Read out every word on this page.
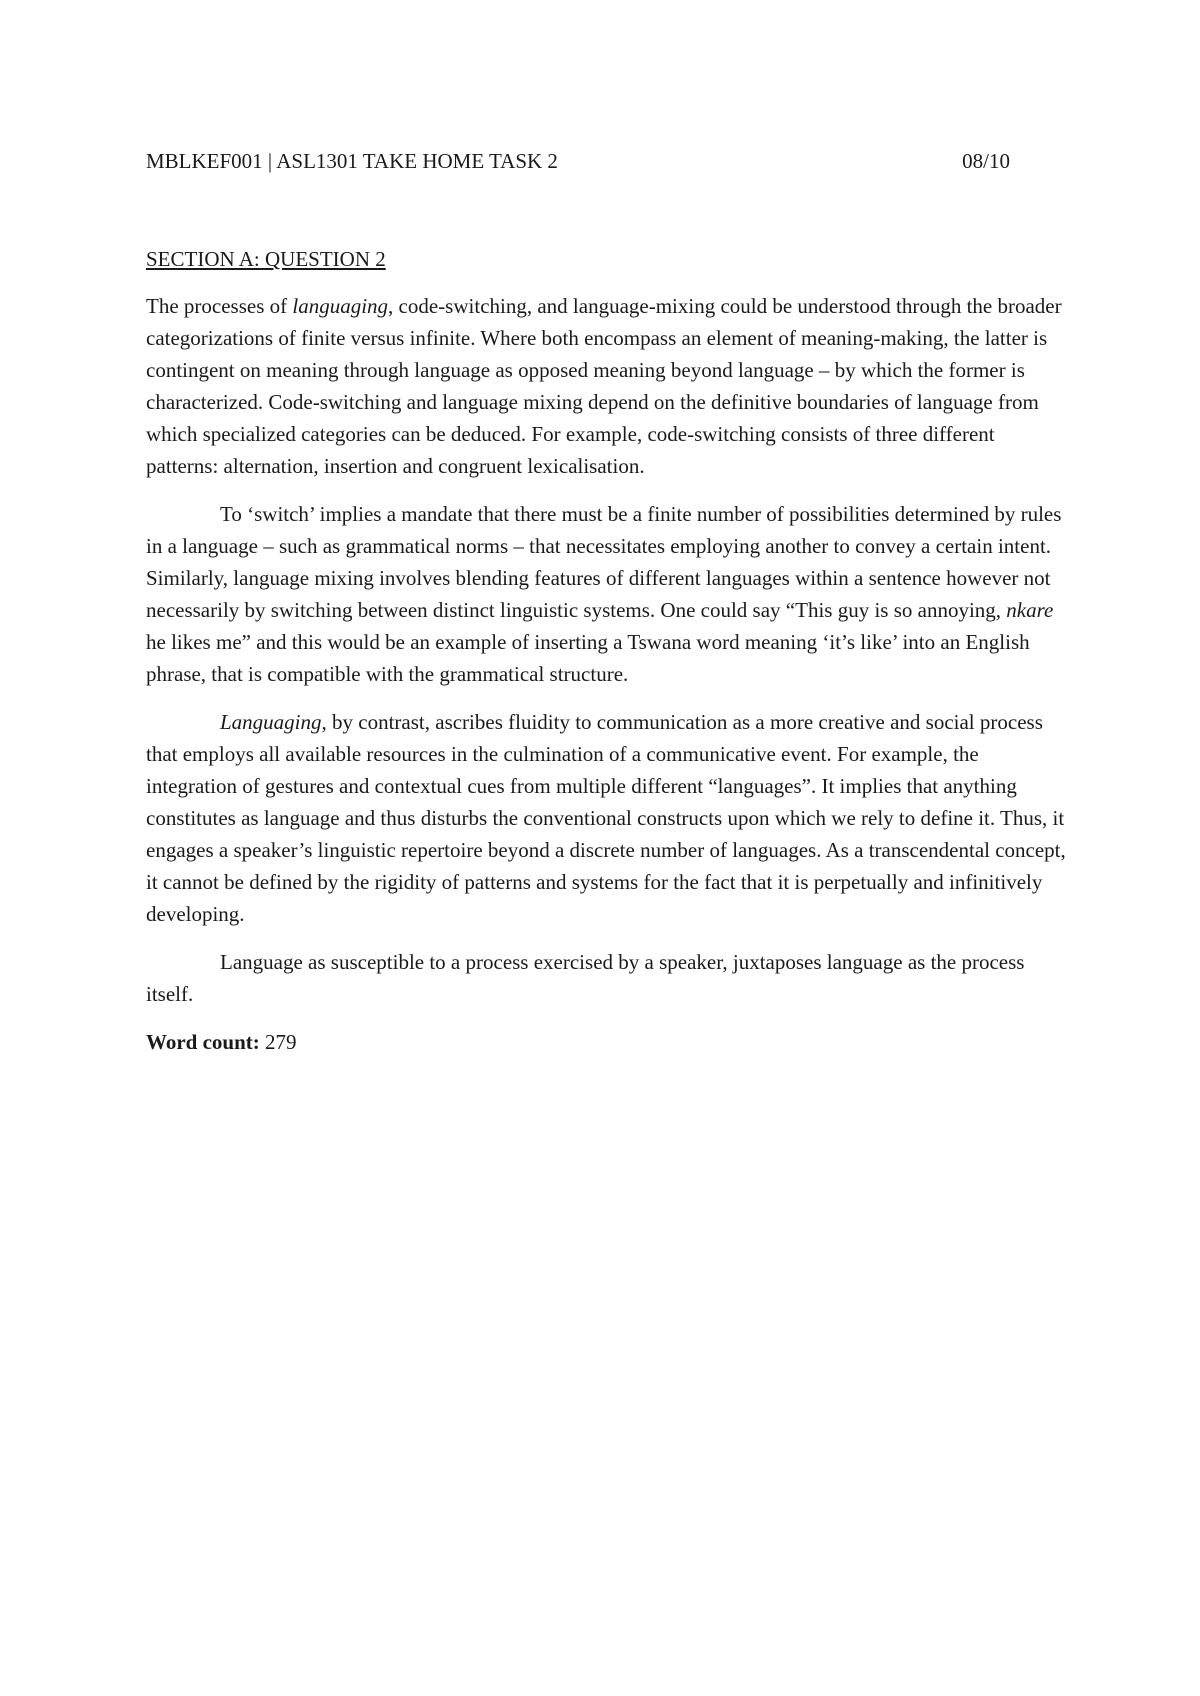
MBLKEF001 | ASL1301 TAKE HOME TASK 2	08/10
SECTION A: QUESTION 2

The processes of languaging, code-switching, and language-mixing could be understood through the broader categorizations of finite versus infinite. Where both encompass an element of meaning-making, the latter is contingent on meaning through language as opposed meaning beyond language – by which the former is characterized. Code-switching and language mixing depend on the definitive boundaries of language from which specialized categories can be deduced. For example, code-switching consists of three different patterns: alternation, insertion and congruent lexicalisation.

To ‘switch’ implies a mandate that there must be a finite number of possibilities determined by rules in a language – such as grammatical norms – that necessitates employing another to convey a certain intent. Similarly, language mixing involves blending features of different languages within a sentence however not necessarily by switching between distinct linguistic systems. One could say “This guy is so annoying, nkare he likes me” and this would be an example of inserting a Tswana word meaning ‘it’s like’ into an English phrase, that is compatible with the grammatical structure.

Languaging, by contrast, ascribes fluidity to communication as a more creative and social process that employs all available resources in the culmination of a communicative event. For example, the integration of gestures and contextual cues from multiple different “languages”. It implies that anything constitutes as language and thus disturbs the conventional constructs upon which we rely to define it. Thus, it engages a speaker’s linguistic repertoire beyond a discrete number of languages. As a transcendental concept, it cannot be defined by the rigidity of patterns and systems for the fact that it is perpetually and infinitively developing.

Language as susceptible to a process exercised by a speaker, juxtaposes language as the process itself.

Word count: 279
